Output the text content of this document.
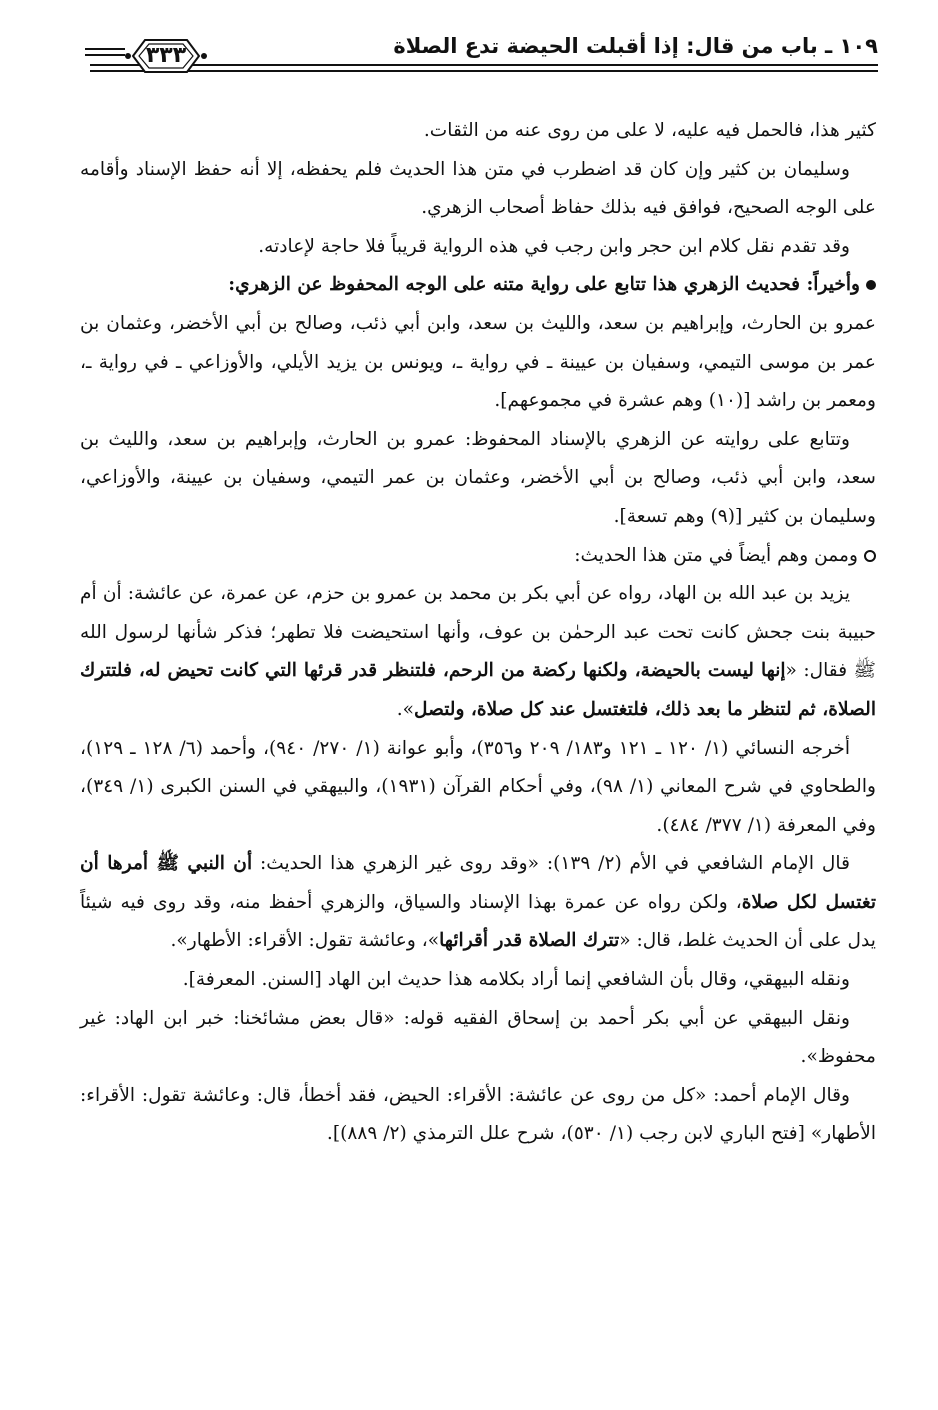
١٠٩ ـ باب من قال: إذا أقبلت الحيضة تدع الصلاة
٣٣٣

كثير هذا، فالحمل فيه عليه، لا على من روى عنه من الثقات.

وسليمان بن كثير وإن كان قد اضطرب في متن هذا الحديث فلم يحفظه، إلا أنه حفظ الإسناد وأقامه على الوجه الصحيح، فوافق فيه بذلك حفاظ أصحاب الزهري.

وقد تقدم نقل كلام ابن حجر وابن رجب في هذه الرواية قريباً فلا حاجة لإعادته.

وأخيراً: فحديث الزهري هذا تتابع على رواية متنه على الوجه المحفوظ عن الزهري:

عمرو بن الحارث، وإبراهيم بن سعد، والليث بن سعد، وابن أبي ذئب، وصالح بن أبي الأخضر، وعثمان بن عمر بن موسى التيمي، وسفيان بن عيينة ـ في رواية ـ، ويونس بن يزيد الأيلي، والأوزاعي ـ في رواية ـ، ومعمر بن راشد [(١٠) وهم عشرة في مجموعهم].

وتتابع على روايته عن الزهري بالإسناد المحفوظ: عمرو بن الحارث، وإبراهيم بن سعد، والليث بن سعد، وابن أبي ذئب، وصالح بن أبي الأخضر، وعثمان بن عمر التيمي، وسفيان بن عيينة، والأوزاعي، وسليمان بن كثير [(٩) وهم تسعة].

وممن وهم أيضاً في متن هذا الحديث:

يزيد بن عبد الله بن الهاد، رواه عن أبي بكر بن محمد بن عمرو بن حزم، عن عمرة، عن عائشة: أن أم حبيبة بنت جحش كانت تحت عبد الرحمٰن بن عوف، وأنها استحيضت فلا تطهر؛ فذكر شأنها لرسول الله ﷺ فقال: «إنها ليست بالحيضة، ولكنها ركضة من الرحم، فلتنظر قدر قرئها التي كانت تحيض له، فلتترك الصلاة، ثم لتنظر ما بعد ذلك، فلتغتسل عند كل صلاة، ولتصل».

أخرجه النسائي (١/ ١٢٠ ـ ١٢١ و١٨٣/ ٢٠٩ و٣٥٦)، وأبو عوانة (١/ ٢٧٠/ ٩٤٠)، وأحمد (٦/ ١٢٨ ـ ١٢٩)، والطحاوي في شرح المعاني (١/ ٩٨)، وفي أحكام القرآن (١٩٣١)، والبيهقي في السنن الكبرى (١/ ٣٤٩)، وفي المعرفة (١/ ٣٧٧/ ٤٨٤).

قال الإمام الشافعي في الأم (٢/ ١٣٩): «وقد روى غير الزهري هذا الحديث: أن النبي ﷺ أمرها أن تغتسل لكل صلاة، ولكن رواه عن عمرة بهذا الإسناد والسياق، والزهري أحفظ منه، وقد روى فيه شيئاً يدل على أن الحديث غلط، قال: «تترك الصلاة قدر أقرائها»، وعائشة تقول: الأقراء: الأطهار».

ونقله البيهقي، وقال بأن الشافعي إنما أراد بكلامه هذا حديث ابن الهاد [السنن. المعرفة].

ونقل البيهقي عن أبي بكر أحمد بن إسحاق الفقيه قوله: «قال بعض مشائخنا: خبر ابن الهاد: غير محفوظ».

وقال الإمام أحمد: «كل من روى عن عائشة: الأقراء: الحيض، فقد أخطأ، قال: وعائشة تقول: الأقراء: الأطهار» [فتح الباري لابن رجب (١/ ٥٣٠)، شرح علل الترمذي (٢/ ٨٨٩)].
